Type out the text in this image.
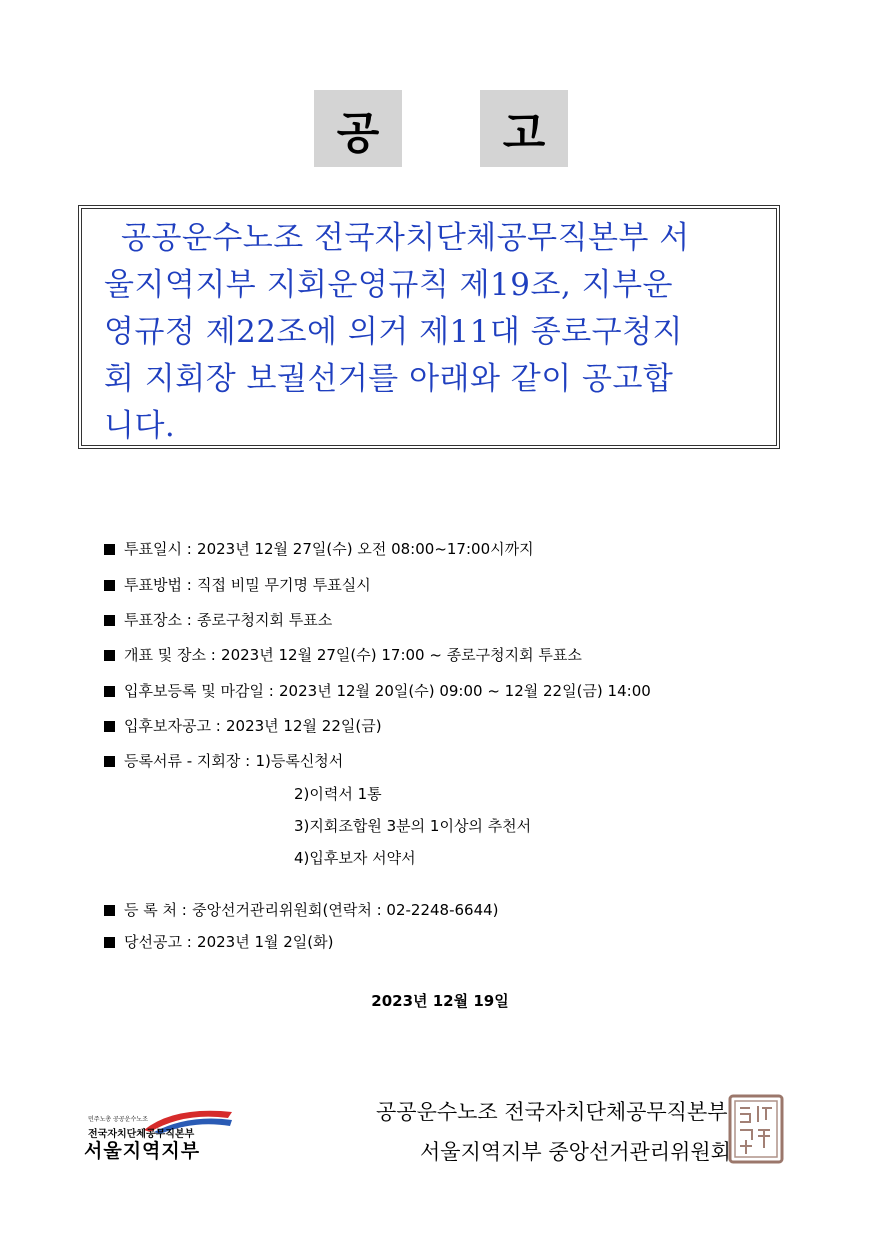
공	고
공공운수노조 전국자치단체공무직본부 서
울지역지부 지회운영규칙 제19조, 지부운
영규정 제22조에 의거 제11대 종로구청지
회 지회장 보궐선거를 아래와 같이 공고합
니다.
투표일시 : 2023년 12월 27일(수) 오전 08:00~17:00시까지
투표방법 : 직접 비밀 무기명 투표실시
투표장소 : 종로구청지회 투표소
개표 및 장소 : 2023년 12월 27일(수) 17:00 ~ 종로구청지회 투표소
입후보등록 및 마감일 : 2023년 12월 20일(수) 09:00 ~ 12월 22일(금) 14:00
입후보자공고 : 2023년 12월 22일(금)
등록서류 - 지회장 : 1)등록신청서
2)이력서 1통
3)지회조합원 3분의 1이상의 추천서
4)입후보자 서약서
등 록 처 : 중앙선거관리위원회(연락처 : 02-2248-6644)
당선공고 : 2023년 1월 2일(화)
2023년 12월 19일
민주노총 공공운수노조
전국자치단체공무직본부
서울지역지부
공공운수노조 전국자치단체공무직본부
서울지역지부 중앙선거관리위원회
